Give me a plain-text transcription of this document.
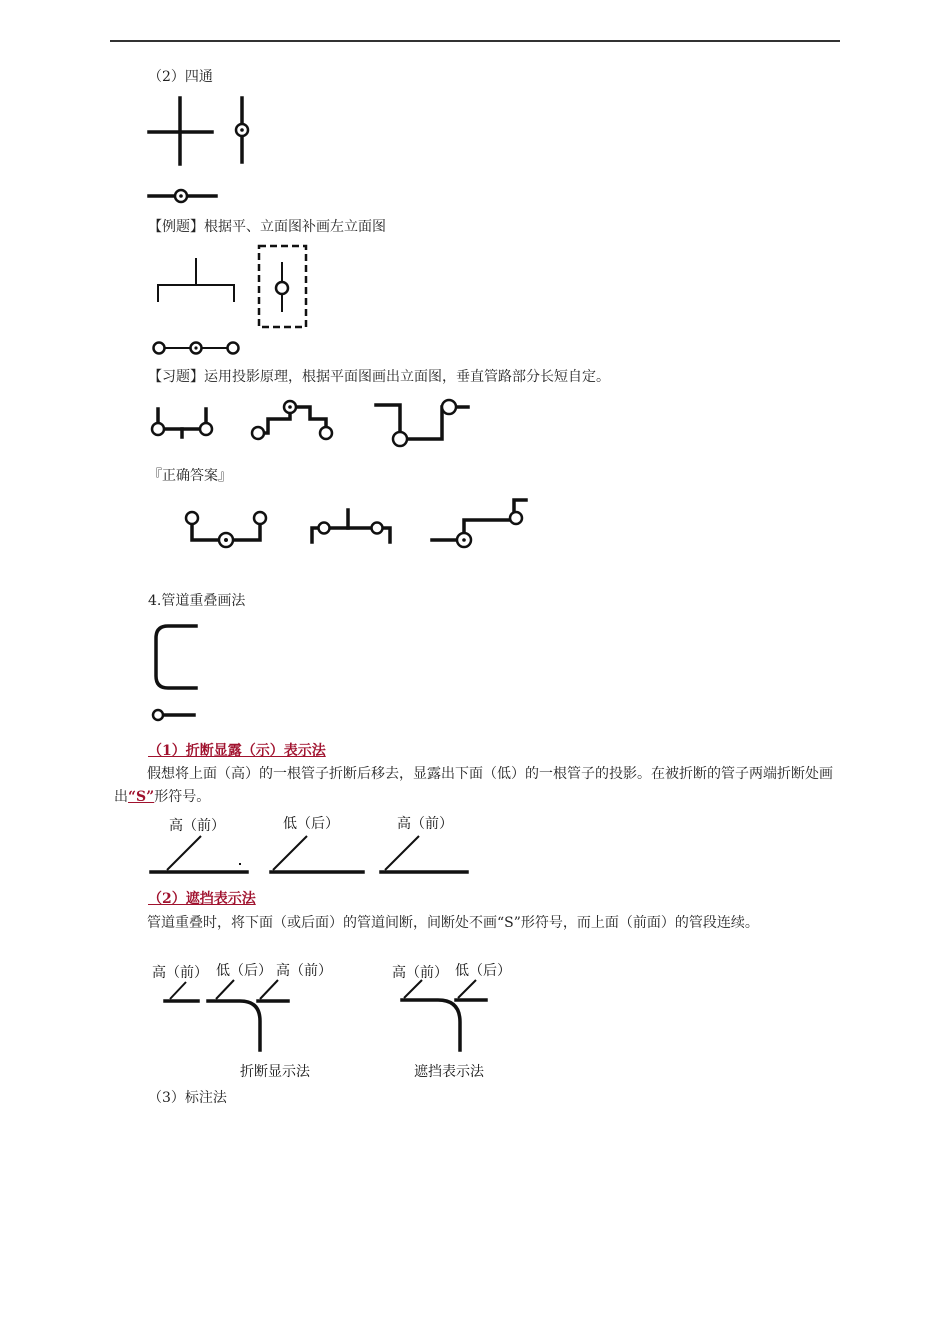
（2）四通
【例题】根据平、立面图补画左立面图
【习题】运用投影原理，根据平面图画出立面图，垂直管路部分长短自定。
『正确答案』
4.管道重叠画法
（1）折断显露（示）表示法
假想将上面（高）的一根管子折断后移去，显露出下面（低）的一根管子的投影。在被折断的管子两端折断处画出“S”形符号。
高（前）	低（后）	高（前）
（2）遮挡表示法
管道重叠时，将下面（或后面）的管道间断，间断处不画“S”形符号，而上面（前面）的管段连续。
高（前） 低（后） 高（前）
折断显示法
高（前） 低（后）
遮挡表示法
（3）标注法
